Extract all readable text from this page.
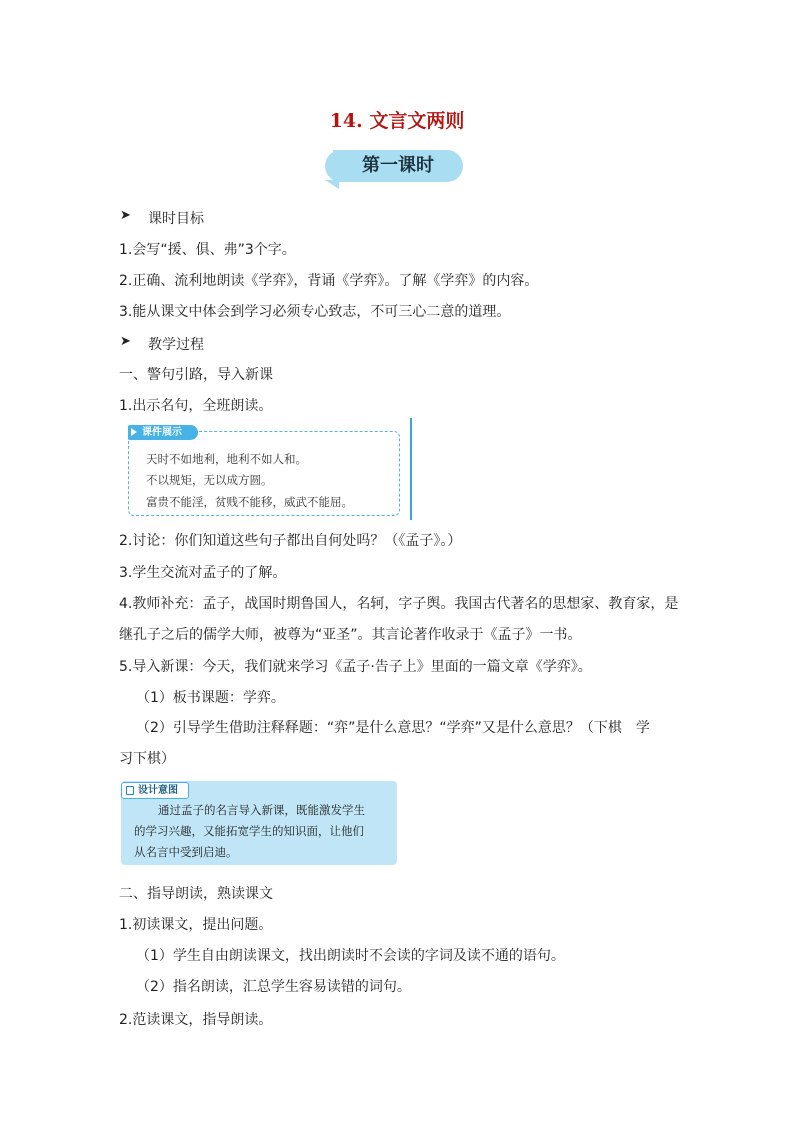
14. 文言文两则
第一课时
➤ 课时目标
1.会写“援、俱、弗”3个字。
2.正确、流利地朗读《学弈》，背诵《学弈》。了解《学弈》的内容。
3.能从课文中体会到学习必须专心致志，不可三心二意的道理。
➤ 教学过程
一、警句引路，导入新课
1.出示名句，全班朗读。
课件展示
天时不如地利，地利不如人和。
不以规矩，无以成方圆。
富贵不能淫，贫贱不能移，威武不能屈。
2.讨论：你们知道这些句子都出自何处吗？（《孟子》。）
3.学生交流对孟子的了解。
4.教师补充：孟子，战国时期鲁国人，名轲，字子舆。我国古代著名的思想家、教育家，是
继孔子之后的儒学大师，被尊为“亚圣”。其言论著作收录于《孟子》一书。
5.导入新课：今天，我们就来学习《孟子·告子上》里面的一篇文章《学弈》。
（1）板书课题：学弈。
（2）引导学生借助注释释题：“弈”是什么意思？“学弈”又是什么意思？（下棋　学
习下棋）
设计意图
通过孟子的名言导入新课，既能激发学生
的学习兴趣，又能拓宽学生的知识面，让他们
从名言中受到启迪。
二、指导朗读，熟读课文
1.初读课文，提出问题。
（1）学生自由朗读课文，找出朗读时不会读的字词及读不通的语句。
（2）指名朗读，汇总学生容易读错的词句。
2.范读课文，指导朗读。
